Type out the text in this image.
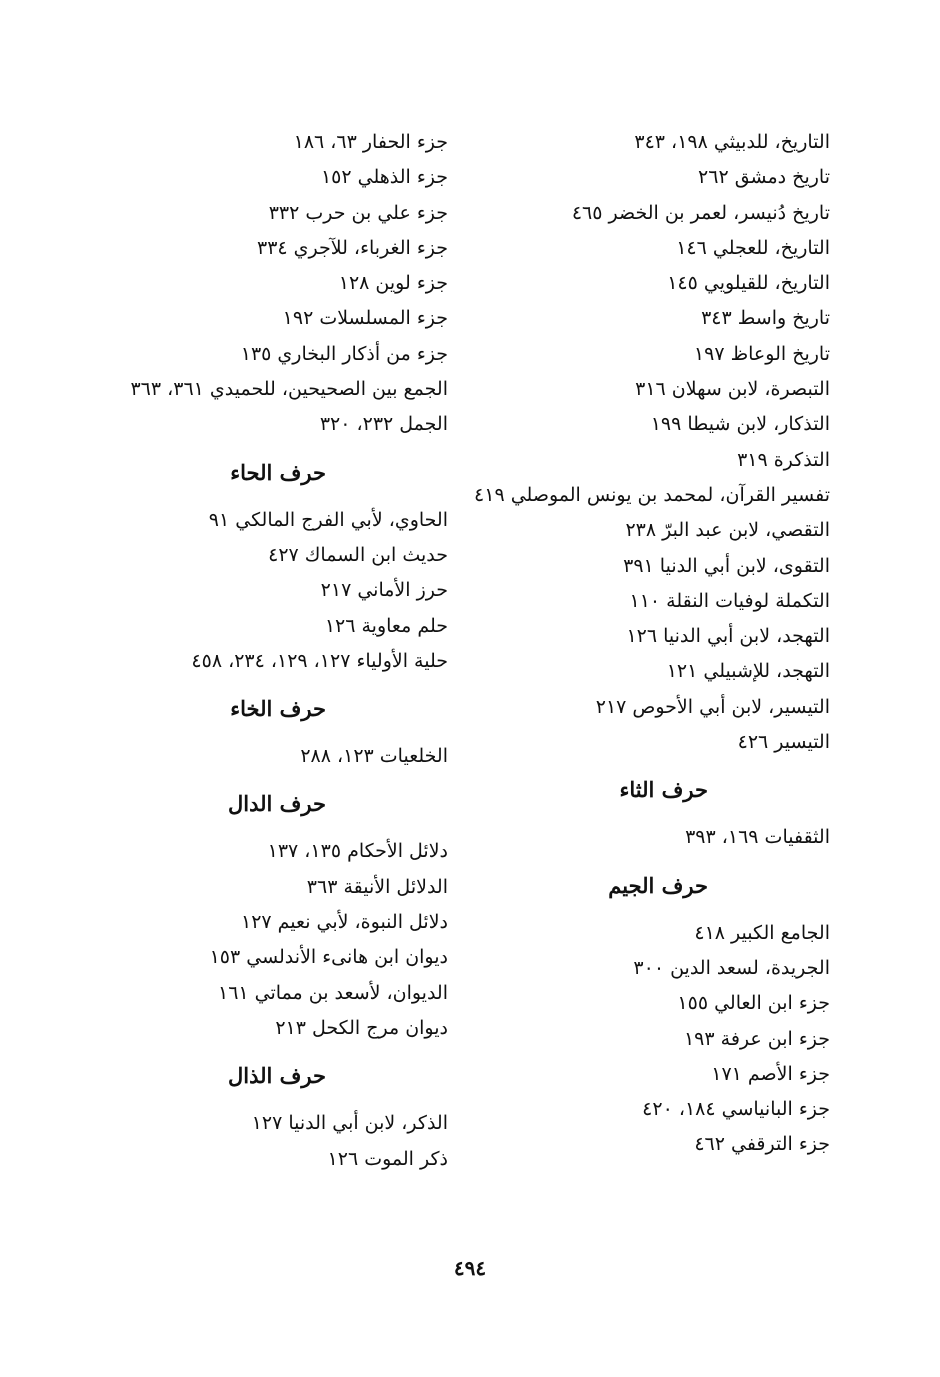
التاريخ، للدبيثي ١٩٨، ٣٤٣
تاريخ دمشق ٢٦٢
تاريخ دُنيسر، لعمر بن الخضر ٤٦٥
التاريخ، للعجلي ١٤٦
التاريخ، للقيلويي ١٤٥
تاريخ واسط ٣٤٣
تاريخ الوعاظ ١٩٧
التبصرة، لابن سهلان ٣١٦
التذكار، لابن شيطا ١٩٩
التذكرة ٣١٩
تفسير القرآن، لمحمد بن يونس الموصلي ٤١٩
التقصي، لابن عبد البرّ ٢٣٨
التقوى، لابن أبي الدنيا ٣٩١
التكملة لوفيات النقلة ١١٠
التهجد، لابن أبي الدنيا ١٢٦
التهجد، للإشبيلي ١٢١
التيسير، لابن أبي الأحوص ٢١٧
التيسير ٤٢٦
حرف الثاء
الثقفيات ١٦٩، ٣٩٣
حرف الجيم
الجامع الكبير ٤١٨
الجريدة، لسعد الدين ٣٠٠
جزء ابن العالي ١٥٥
جزء ابن عرفة ١٩٣
جزء الأصم ١٧١
جزء البانياسي ١٨٤، ٤٢٠
جزء الترقفي ٤٦٢
جزء الحفار ٦٣، ١٨٦
جزء الذهلي ١٥٢
جزء علي بن حرب ٣٣٢
جزء الغرباء، للآجري ٣٣٤
جزء لوين ١٢٨
جزء المسلسلات ١٩٢
جزء من أذكار البخاري ١٣٥
الجمع بين الصحيحين، للحميدي ٣٦١، ٣٦٣
الجمل ٢٣٢، ٣٢٠
حرف الحاء
الحاوي، لأبي الفرج المالكي ٩١
حديث ابن السماك ٤٢٧
حرز الأماني ٢١٧
حلم معاوية ١٢٦
حلية الأولياء ١٢٧، ١٢٩، ٢٣٤، ٤٥٨
حرف الخاء
الخلعيات ١٢٣، ٢٨٨
حرف الدال
دلائل الأحكام ١٣٥، ١٣٧
الدلائل الأنيقة ٣٦٣
دلائل النبوة، لأبي نعيم ١٢٧
ديوان ابن هانىء الأندلسي ١٥٣
الديوان، لأسعد بن مماتي ١٦١
ديوان مرج الكحل ٢١٣
حرف الذال
الذكر، لابن أبي الدنيا ١٢٧
ذكر الموت ١٢٦
٤٩٤
